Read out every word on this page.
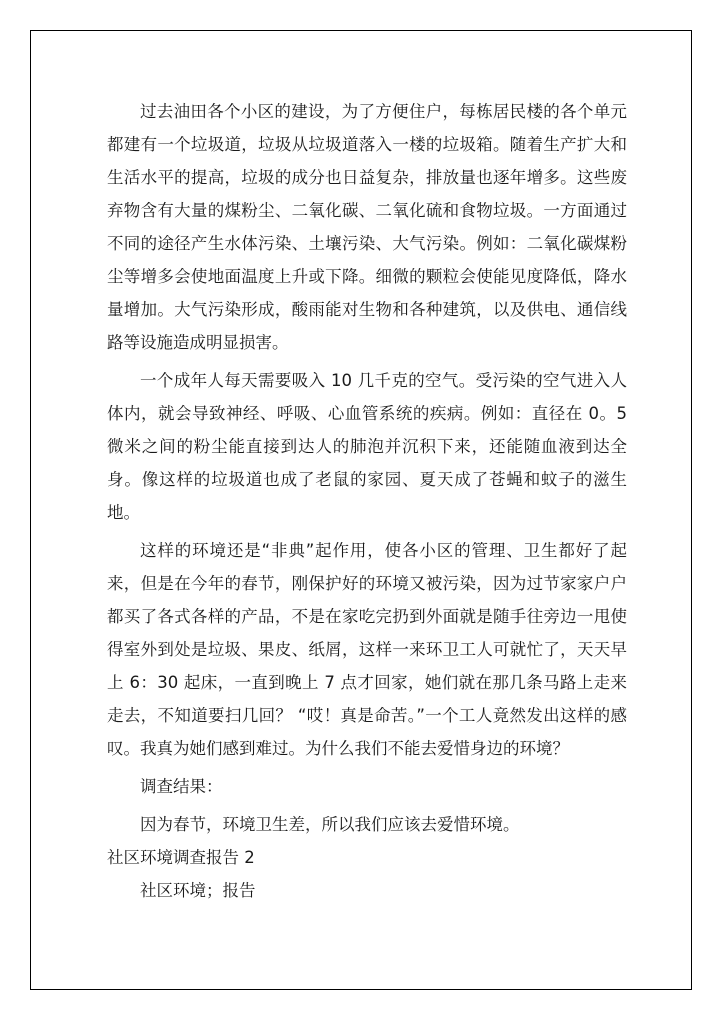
过去油田各个小区的建设，为了方便住户，每栋居民楼的各个单元都建有一个垃圾道，垃圾从垃圾道落入一楼的垃圾箱。随着生产扩大和生活水平的提高，垃圾的成分也日益复杂，排放量也逐年增多。这些废弃物含有大量的煤粉尘、二氧化碳、二氧化硫和食物垃圾。一方面通过不同的途径产生水体污染、土壤污染、大气污染。例如：二氧化碳煤粉尘等增多会使地面温度上升或下降。细微的颗粒会使能见度降低，降水量增加。大气污染形成，酸雨能对生物和各种建筑，以及供电、通信线路等设施造成明显损害。

一个成年人每天需要吸入 10 几千克的空气。受污染的空气进入人体内，就会导致神经、呼吸、心血管系统的疾病。例如：直径在 0。5 微米之间的粉尘能直接到达人的肺泡并沉积下来，还能随血液到达全身。像这样的垃圾道也成了老鼠的家园、夏天成了苍蝇和蚊子的滋生地。

这样的环境还是“非典”起作用，使各小区的管理、卫生都好了起来，但是在今年的春节，刚保护好的环境又被污染，因为过节家家户户都买了各式各样的产品，不是在家吃完扔到外面就是随手往旁边一甩使得室外到处是垃圾、果皮、纸屑，这样一来环卫工人可就忙了，天天早上 6：30 起床，一直到晚上 7 点才回家，她们就在那几条马路上走来走去，不知道要扫几回？ “哎！真是命苦。”一个工人竟然发出这样的感叹。我真为她们感到难过。为什么我们不能去爱惜身边的环境？

调查结果：

因为春节，环境卫生差，所以我们应该去爱惜环境。

社区环境调查报告 2

社区环境；报告
